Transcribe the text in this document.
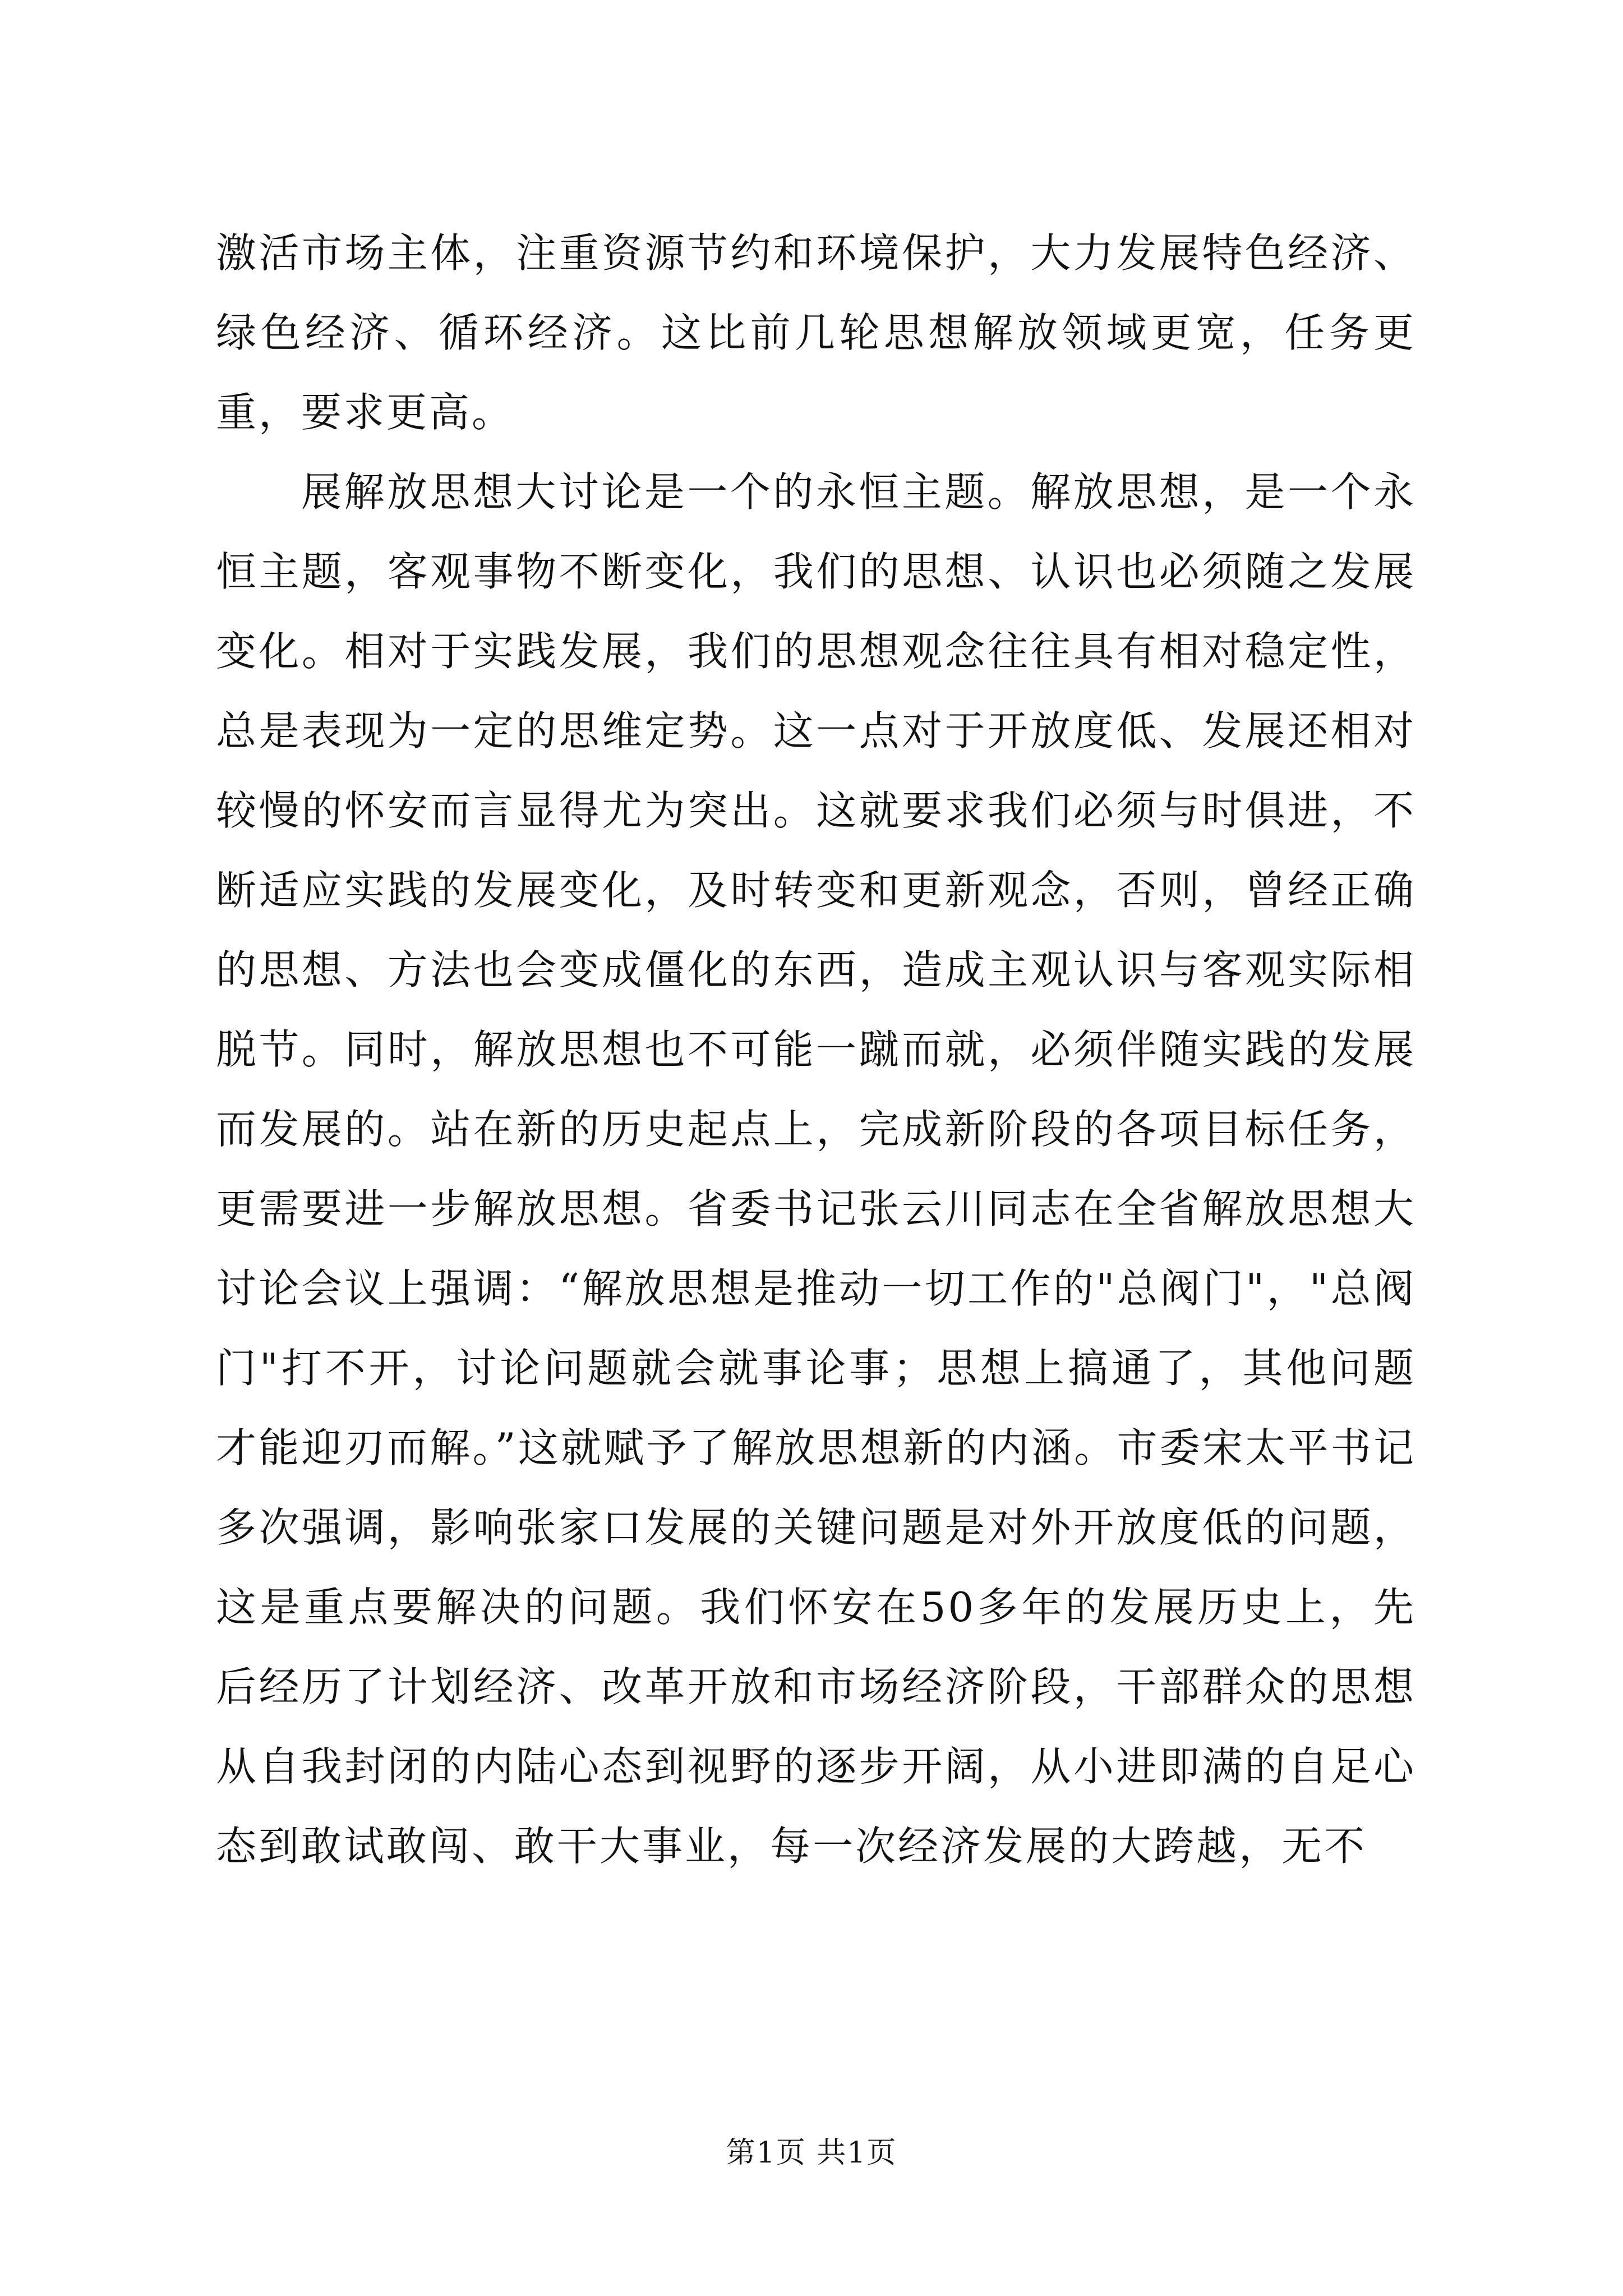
激活市场主体，注重资源节约和环境保护，大力发展特色经济、绿色经济、循环经济。这比前几轮思想解放领域更宽，任务更重，要求更高。

展解放思想大讨论是一个的永恒主题。解放思想，是一个永恒主题，客观事物不断变化，我们的思想、认识也必须随之发展变化。相对于实践发展，我们的思想观念往往具有相对稳定性，总是表现为一定的思维定势。这一点对于开放度低、发展还相对较慢的怀安而言显得尤为突出。这就要求我们必须与时俱进，不断适应实践的发展变化，及时转变和更新观念，否则，曾经正确的思想、方法也会变成僵化的东西，造成主观认识与客观实际相脱节。同时，解放思想也不可能一蹴而就，必须伴随实践的发展而发展的。站在新的历史起点上，完成新阶段的各项目标任务，更需要进一步解放思想。省委书记张云川同志在全省解放思想大讨论会议上强调：“解放思想是推动一切工作的"总阀门"，"总阀门"打不开，讨论问题就会就事论事；思想上搞通了，其他问题才能迎刃而解。”这就赋予了解放思想新的内涵。市委宋太平书记多次强调，影响张家口发展的关键问题是对外开放度低的问题，这是重点要解决的问题。我们怀安在50多年的发展历史上，先后经历了计划经济、改革开放和市场经济阶段，干部群众的思想从自我封闭的内陆心态到视野的逐步开阔，从小进即满的自足心态到敢试敢闯、敢干大事业，每一次经济发展的大跨越，无不

第1页 共1页
